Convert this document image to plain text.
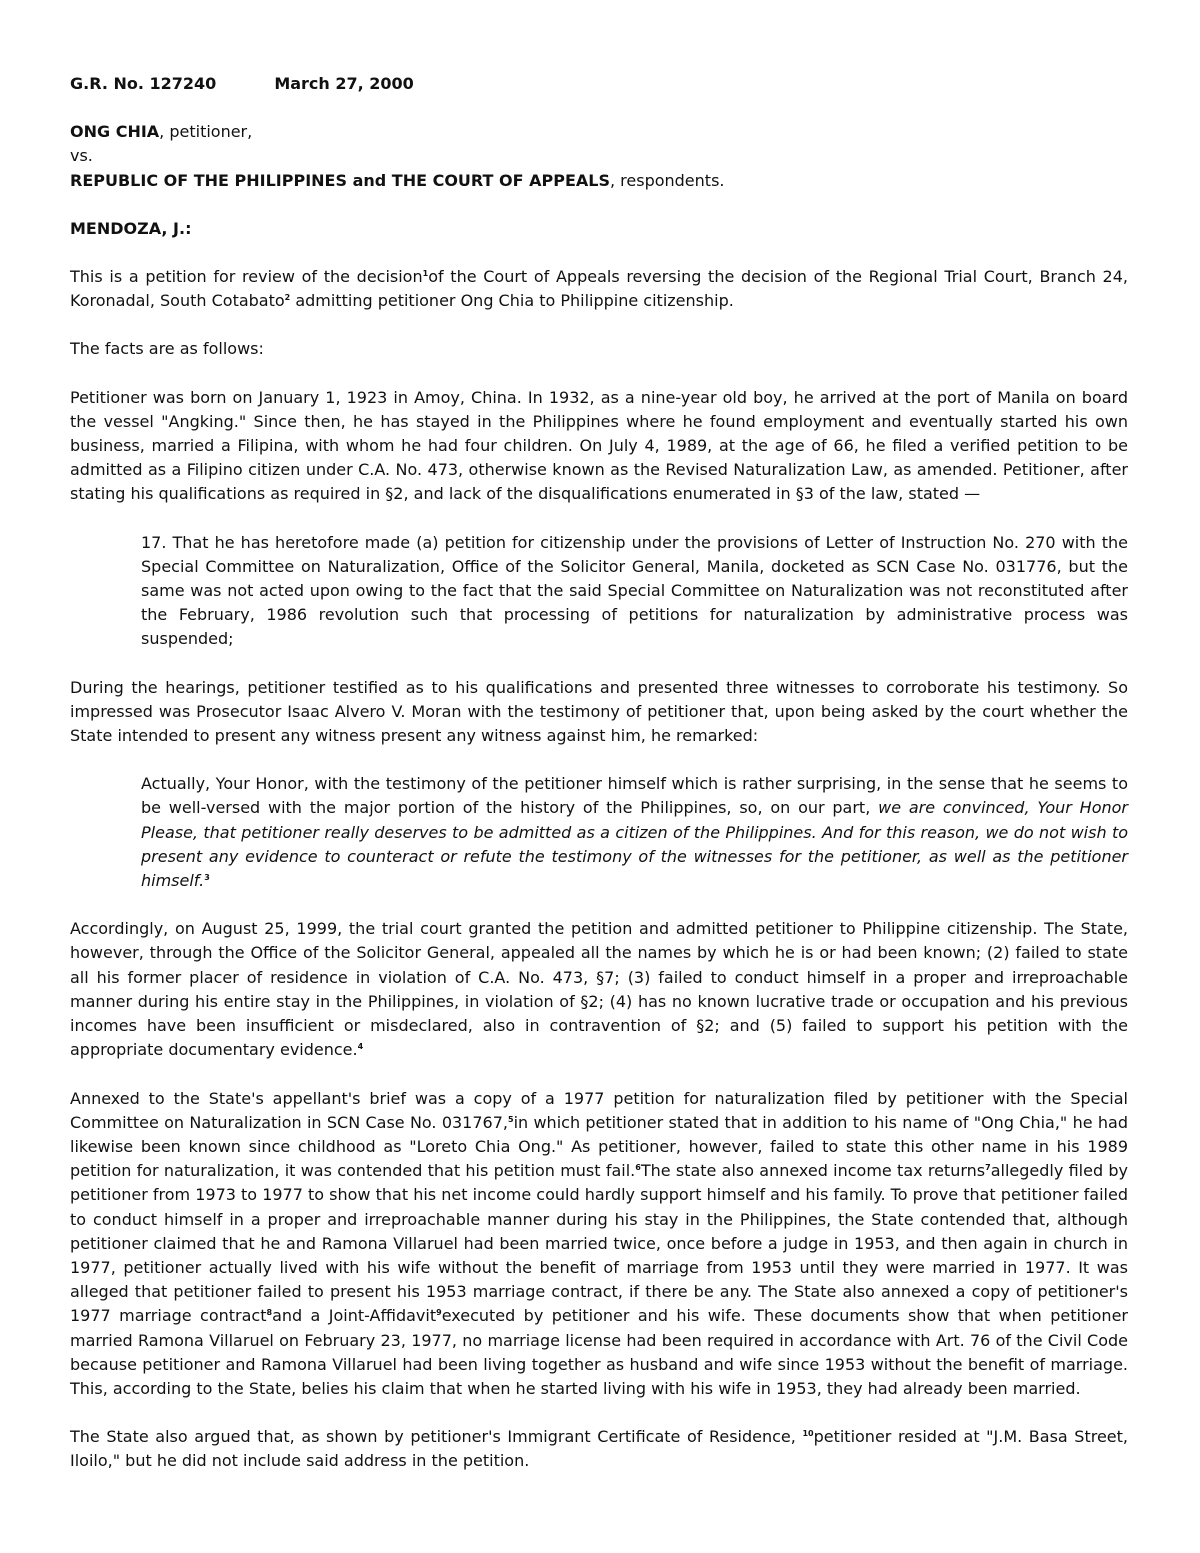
G.R. No. 127240	March 27, 2000

ONG CHIA, petitioner,

vs.

REPUBLIC OF THE PHILIPPINES and THE COURT OF APPEALS, respondents.

MENDOZA, J.:

This is a petition for review of the decision$^1$of the Court of Appeals reversing the decision of the Regional Trial Court, Branch 24, Koronadal, South Cotabato$^2$ admitting petitioner Ong Chia to Philippine citizenship.

The facts are as follows:

Petitioner was born on January 1, 1923 in Amoy, China. In 1932, as a nine-year old boy, he arrived at the port of Manila on board the vessel "Angking." Since then, he has stayed in the Philippines where he found employment and eventually started his own business, married a Filipina, with whom he had four children. On July 4, 1989, at the age of 66, he filed a verified petition to be admitted as a Filipino citizen under C.A. No. 473, otherwise known as the Revised Naturalization Law, as amended. Petitioner, after stating his qualifications as required in §2, and lack of the disqualifications enumerated in §3 of the law, stated —

17. That he has heretofore made (a) petition for citizenship under the provisions of Letter of Instruction No. 270 with the Special Committee on Naturalization, Office of the Solicitor General, Manila, docketed as SCN Case No. 031776, but the same was not acted upon owing to the fact that the said Special Committee on Naturalization was not reconstituted after the February, 1986 revolution such that processing of petitions for naturalization by administrative process was suspended;

During the hearings, petitioner testified as to his qualifications and presented three witnesses to corroborate his testimony. So impressed was Prosecutor Isaac Alvero V. Moran with the testimony of petitioner that, upon being asked by the court whether the State intended to present any witness present any witness against him, he remarked:

Actually, Your Honor, with the testimony of the petitioner himself which is rather surprising, in the sense that he seems to be well-versed with the major portion of the history of the Philippines, so, on our part, we are convinced, Your Honor Please, that petitioner really deserves to be admitted as a citizen of the Philippines. And for this reason, we do not wish to present any evidence to counteract or refute the testimony of the witnesses for the petitioner, as well as the petitioner himself.$^3$

Accordingly, on August 25, 1999, the trial court granted the petition and admitted petitioner to Philippine citizenship. The State, however, through the Office of the Solicitor General, appealed all the names by which he is or had been known; (2) failed to state all his former placer of residence in violation of C.A. No. 473, §7; (3) failed to conduct himself in a proper and irreproachable manner during his entire stay in the Philippines, in violation of §2; (4) has no known lucrative trade or occupation and his previous incomes have been insufficient or misdeclared, also in contravention of §2; and (5) failed to support his petition with the appropriate documentary evidence.$^4$

Annexed to the State's appellant's brief was a copy of a 1977 petition for naturalization filed by petitioner with the Special Committee on Naturalization in SCN Case No. 031767,$^5$in which petitioner stated that in addition to his name of "Ong Chia," he had likewise been known since childhood as "Loreto Chia Ong." As petitioner, however, failed to state this other name in his 1989 petition for naturalization, it was contended that his petition must fail.$^6$The state also annexed income tax returns$^7$allegedly filed by petitioner from 1973 to 1977 to show that his net income could hardly support himself and his family. To prove that petitioner failed to conduct himself in a proper and irreproachable manner during his stay in the Philippines, the State contended that, although petitioner claimed that he and Ramona Villaruel had been married twice, once before a judge in 1953, and then again in church in 1977, petitioner actually lived with his wife without the benefit of marriage from 1953 until they were married in 1977. It was alleged that petitioner failed to present his 1953 marriage contract, if there be any. The State also annexed a copy of petitioner's 1977 marriage contract$^8$and a Joint-Affidavit$^9$executed by petitioner and his wife. These documents show that when petitioner married Ramona Villaruel on February 23, 1977, no marriage license had been required in accordance with Art. 76 of the Civil Code because petitioner and Ramona Villaruel had been living together as husband and wife since 1953 without the benefit of marriage. This, according to the State, belies his claim that when he started living with his wife in 1953, they had already been married.

The State also argued that, as shown by petitioner's Immigrant Certificate of Residence, $^{10}$petitioner resided at "J.M. Basa Street, Iloilo," but he did not include said address in the petition.
